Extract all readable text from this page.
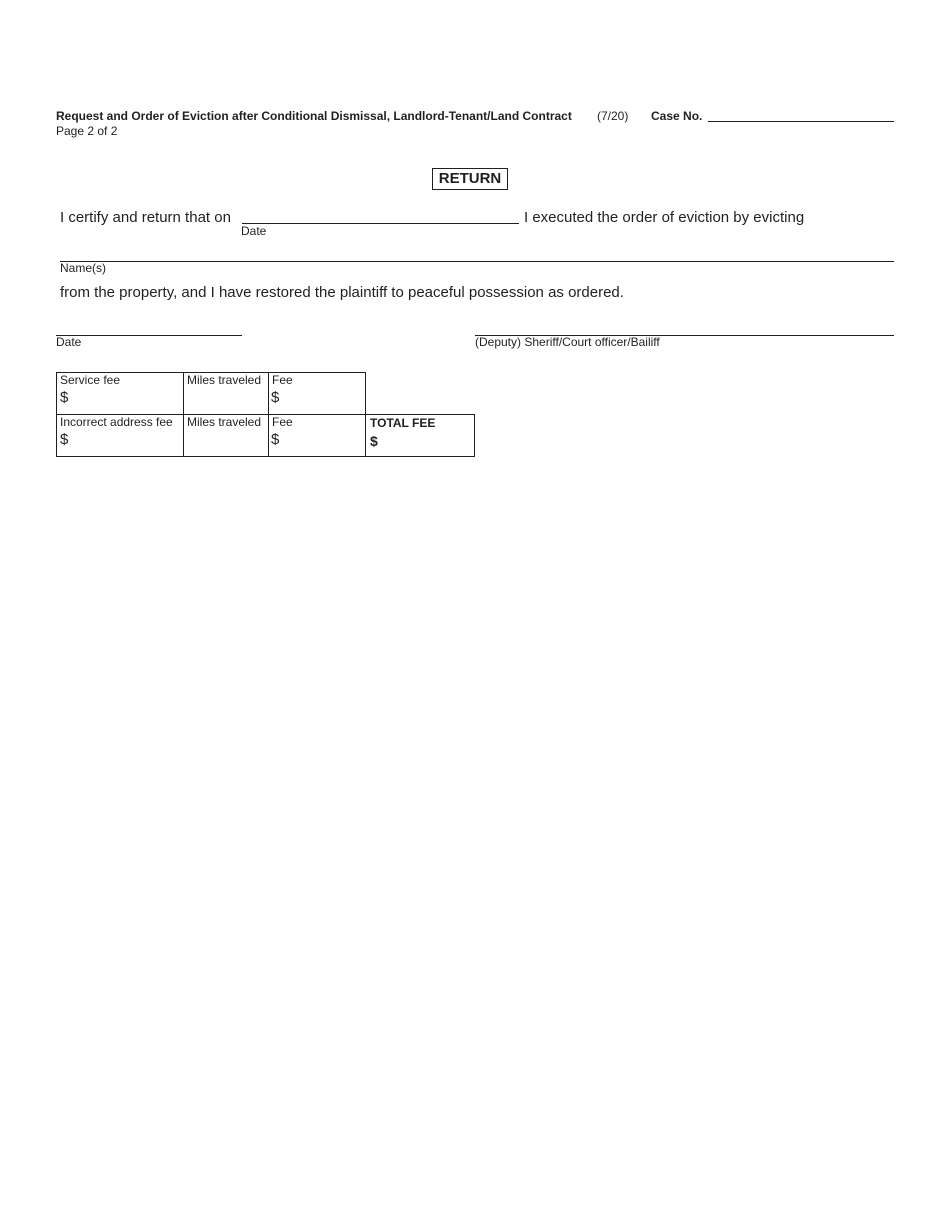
Request and Order of Eviction after Conditional Dismissal, Landlord-Tenant/Land Contract (7/20) Case No.
Page 2 of 2
RETURN
I certify and return that on
Date
I executed the order of eviction by evicting
Name(s)
from the property, and I have restored the plaintiff to peaceful possession as ordered.
Date	(Deputy) Sheriff/Court officer/Bailiff
Service fee
$
Miles traveled Fee
$
Incorrect address fee
$
Miles traveled Fee
$
TOTAL FEE
$
